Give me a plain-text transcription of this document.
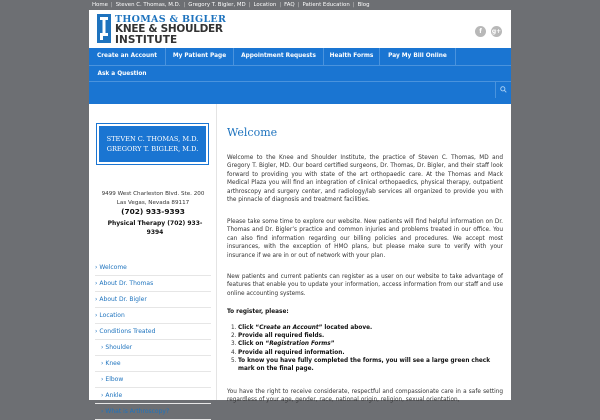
Home | Steven C. Thomas, M.D. | Gregory T. Bigler, MD | Location | FAQ | Patient Education | Blog
THOMAS & BIGLER
KNEE & SHOULDER
INSTITUTE
f	g+
Create an Account	My Patient Page	Appointment Requests	Health Forms	Pay My Bill Online
Ask a Question
STEVEN C. THOMAS, M.D.
GREGORY T. BIGLER, M.D.
9499 West Charleston Blvd. Ste. 200
Las Vegas, Nevada 89117
(702) 933-9393
Physical Therapy (702) 933-9394
› Welcome
› About Dr. Thomas
› About Dr. Bigler
› Location
› Conditions Treated
› Shoulder
› Knee
› Elbow
› Ankle
› What is Arthroscopy?
Welcome
Welcome to the Knee and Shoulder Institute, the practice of Steven C. Thomas, MD and Gregory T. Bigler, MD. Our board certified surgeons, Dr. Thomas, Dr. Bigler, and their staff look forward to providing you with state of the art orthopaedic care. At the Thomas and Mack Medical Plaza you will find an integration of clinical orthopaedics, physical therapy, outpatient arthroscopy and surgery center, and radiology/lab services all organized to provide you with the pinnacle of diagnosis and treatment facilities.
Please take some time to explore our website. New patients will find helpful information on Dr. Thomas and Dr. Bigler’s practice and common injuries and problems treated in our office. You can also find information regarding our billing policies and procedures. We accept most insurances, with the exception of HMO plans, but please make sure to verify with your insurance if we are in or out of network with your plan.
New patients and current patients can register as a user on our website to take advantage of features that enable you to update your information, access information from our staff and use online accounting systems.
To register, please:
1. Click “Create an Account” located above.
2. Provide all required fields.
3. Click on “Registration Forms”
4. Provide all required information.
5. To know you have fully completed the forms, you will see a large green check mark on the final page.
You have the right to receive considerate, respectful and compassionate care in a safe setting regardless of your age, gender, race, national origin, religion, sexual orientation,
